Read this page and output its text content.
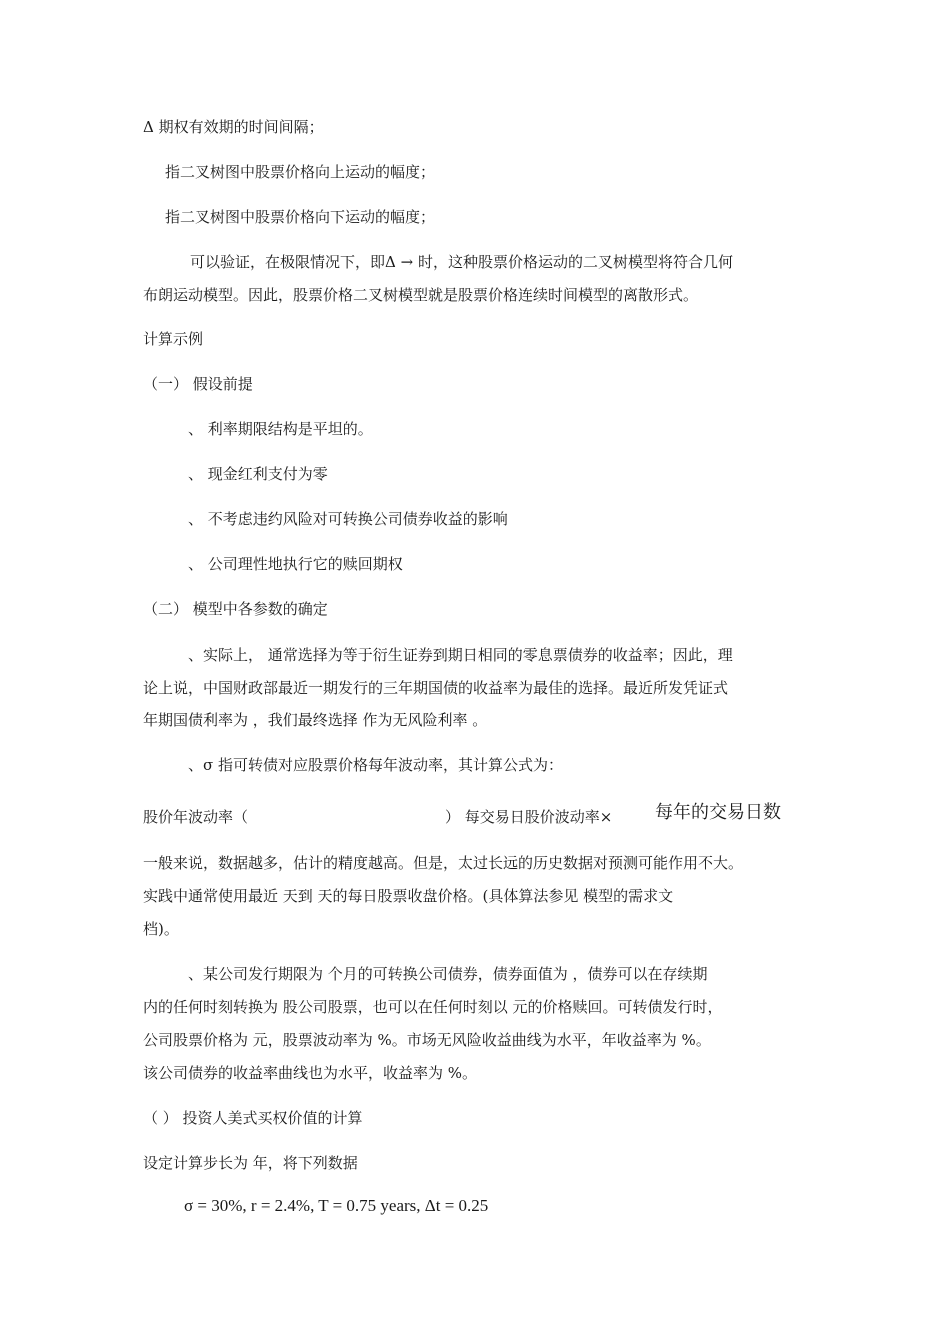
Δ 期权有效期的时间间隔；
指二叉树图中股票价格向上运动的幅度；
指二叉树图中股票价格向下运动的幅度；
可以验证，在极限情况下，即Δ → 时，这种股票价格运动的二叉树模型将符合几何
布朗运动模型。因此，股票价格二叉树模型就是股票价格连续时间模型的离散形式。
计算示例
（一） 假设前提
、 利率期限结构是平坦的。
、 现金红利支付为零
、 不考虑违约风险对可转换公司债券收益的影响
、 公司理性地执行它的赎回期权
（二） 模型中各参数的确定
、实际上， 通常选择为等于衍生证券到期日相同的零息票债券的收益率；因此，理
论上说，中国财政部最近一期发行的三年期国债的收益率为最佳的选择。最近所发凭证式
年期国债利率为 ，我们最终选择 作为无风险利率 。
、σ 指可转债对应股票价格每年波动率，其计算公式为：
股价年波动率（	） 每交易日股价波动率× 每年的交易日数
一般来说，数据越多，估计的精度越高。但是，太过长远的历史数据对预测可能作用不大。
实践中通常使用最近 天到 天的每日股票收盘价格。(具体算法参见 模型的需求文
档)。
、某公司发行期限为 个月的可转换公司债券，债券面值为 ，债券可以在存续期
内的任何时刻转换为 股公司股票，也可以在任何时刻以 元的价格赎回。可转债发行时，
公司股票价格为 元，股票波动率为 %。市场无风险收益曲线为水平，年收益率为 %。
该公司债券的收益率曲线也为水平，收益率为 %。
（ ） 投资人美式买权价值的计算
设定计算步长为 年，将下列数据
σ = 30%, r = 2.4%, T = 0.75 years, Δt = 0.25
